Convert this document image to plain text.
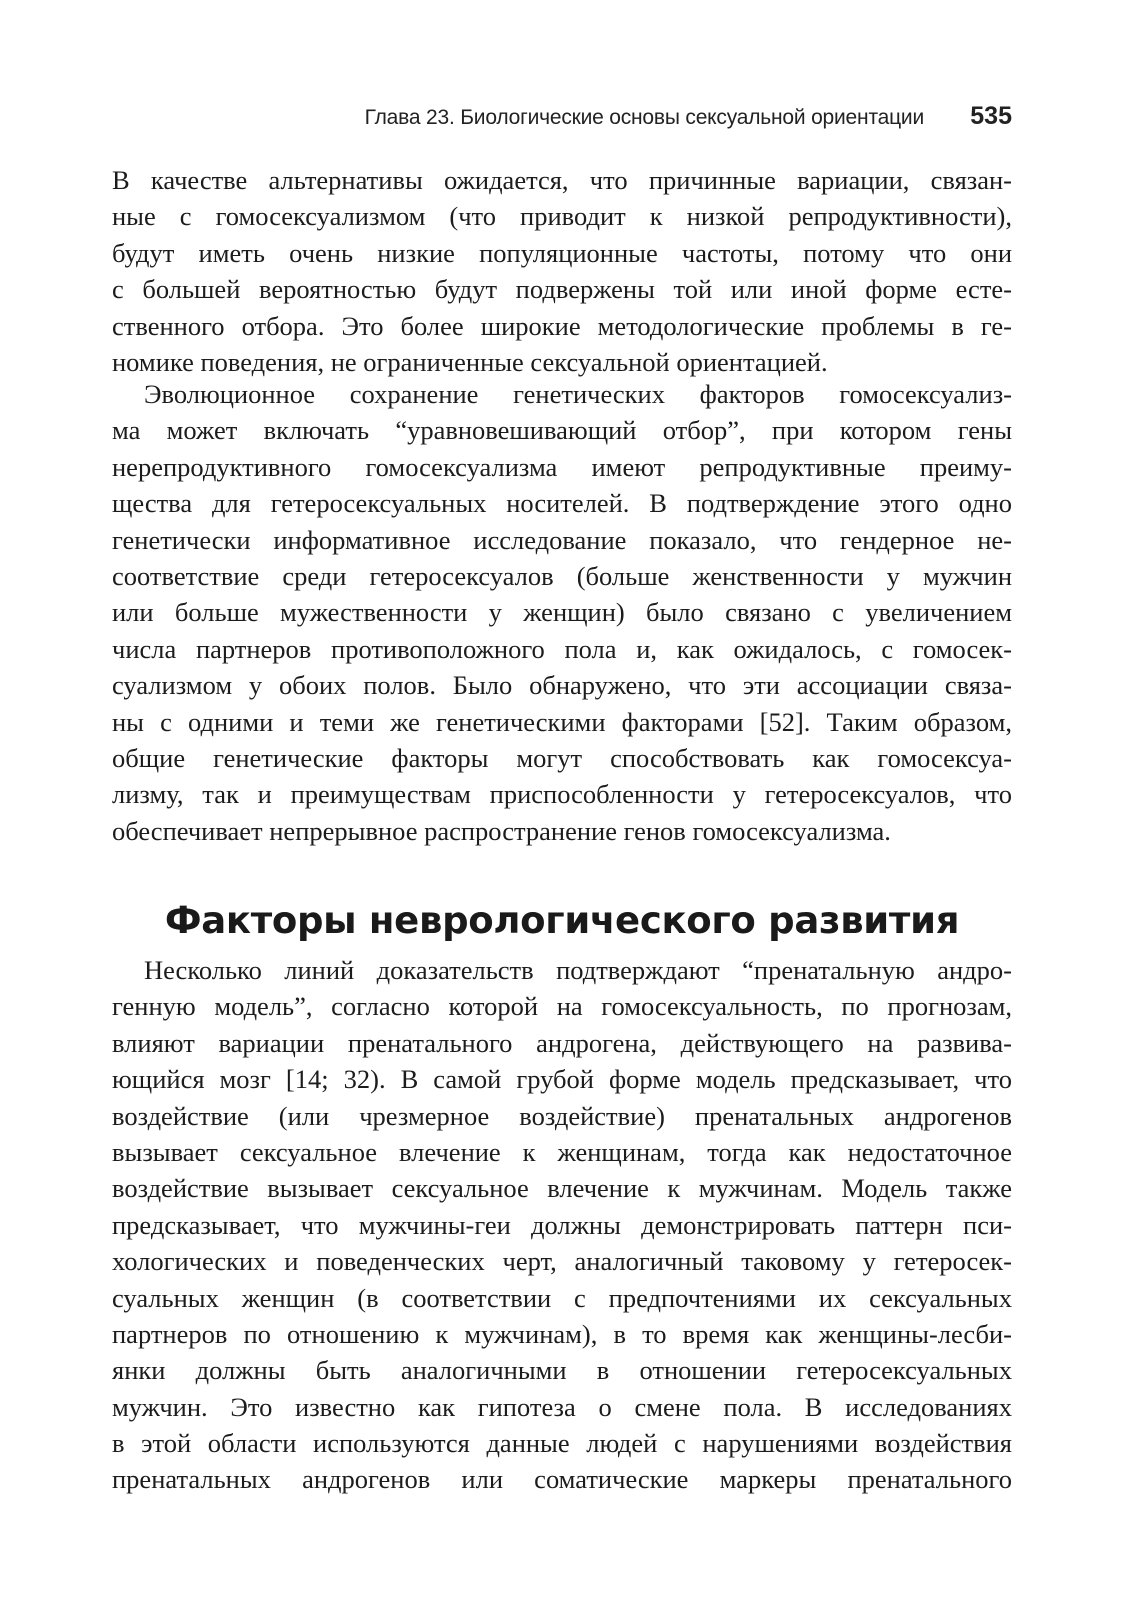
Глава 23. Биологические основы сексуальной ориентации 535
В качестве альтернативы ожидается, что причинные вариации, связан-
ные с гомосексуализмом (что приводит к низкой репродуктивности),
будут иметь очень низкие популяционные частоты, потому что они
с большей вероятностью будут подвержены той или иной форме есте-
ственного отбора. Это более широкие методологические проблемы в ге-
номике поведения, не ограниченные сексуальной ориентацией.
Эволюционное сохранение генетических факторов гомосексуализ-
ма может включать “уравновешивающий отбор”, при котором гены
нерепродуктивного гомосексуализма имеют репродуктивные преиму-
щества для гетеросексуальных носителей. В подтверждение этого одно
генетически информативное исследование показало, что гендерное не-
соответствие среди гетеросексуалов (больше женственности у мужчин
или больше мужественности у женщин) было связано с увеличением
числа партнеров противоположного пола и, как ожидалось, с гомосек-
суализмом у обоих полов. Было обнаружено, что эти ассоциации связа-
ны с одними и теми же генетическими факторами [52]. Таким образом,
общие генетические факторы могут способствовать как гомосексуа-
лизму, так и преимуществам приспособленности у гетеросексуалов, что
обеспечивает непрерывное распространение генов гомосексуализма.
Факторы неврологического развития
Несколько линий доказательств подтверждают “пренатальную андро-
генную модель”, согласно которой на гомосексуальность, по прогнозам,
влияют вариации пренатального андрогена, действующего на развива-
ющийся мозг [14; 32). В самой грубой форме модель предсказывает, что
воздействие (или чрезмерное воздействие) пренатальных андрогенов
вызывает сексуальное влечение к женщинам, тогда как недостаточное
воздействие вызывает сексуальное влечение к мужчинам. Модель также
предсказывает, что мужчины-геи должны демонстрировать паттерн пси-
хологических и поведенческих черт, аналогичный таковому у гетеросек-
суальных женщин (в соответствии с предпочтениями их сексуальных
партнеров по отношению к мужчинам), в то время как женщины-лесби-
янки должны быть аналогичными в отношении гетеросексуальных
мужчин. Это известно как гипотеза о смене пола. В исследованиях
в этой области используются данные людей с нарушениями воздействия
пренатальных андрогенов или соматические маркеры пренатального
